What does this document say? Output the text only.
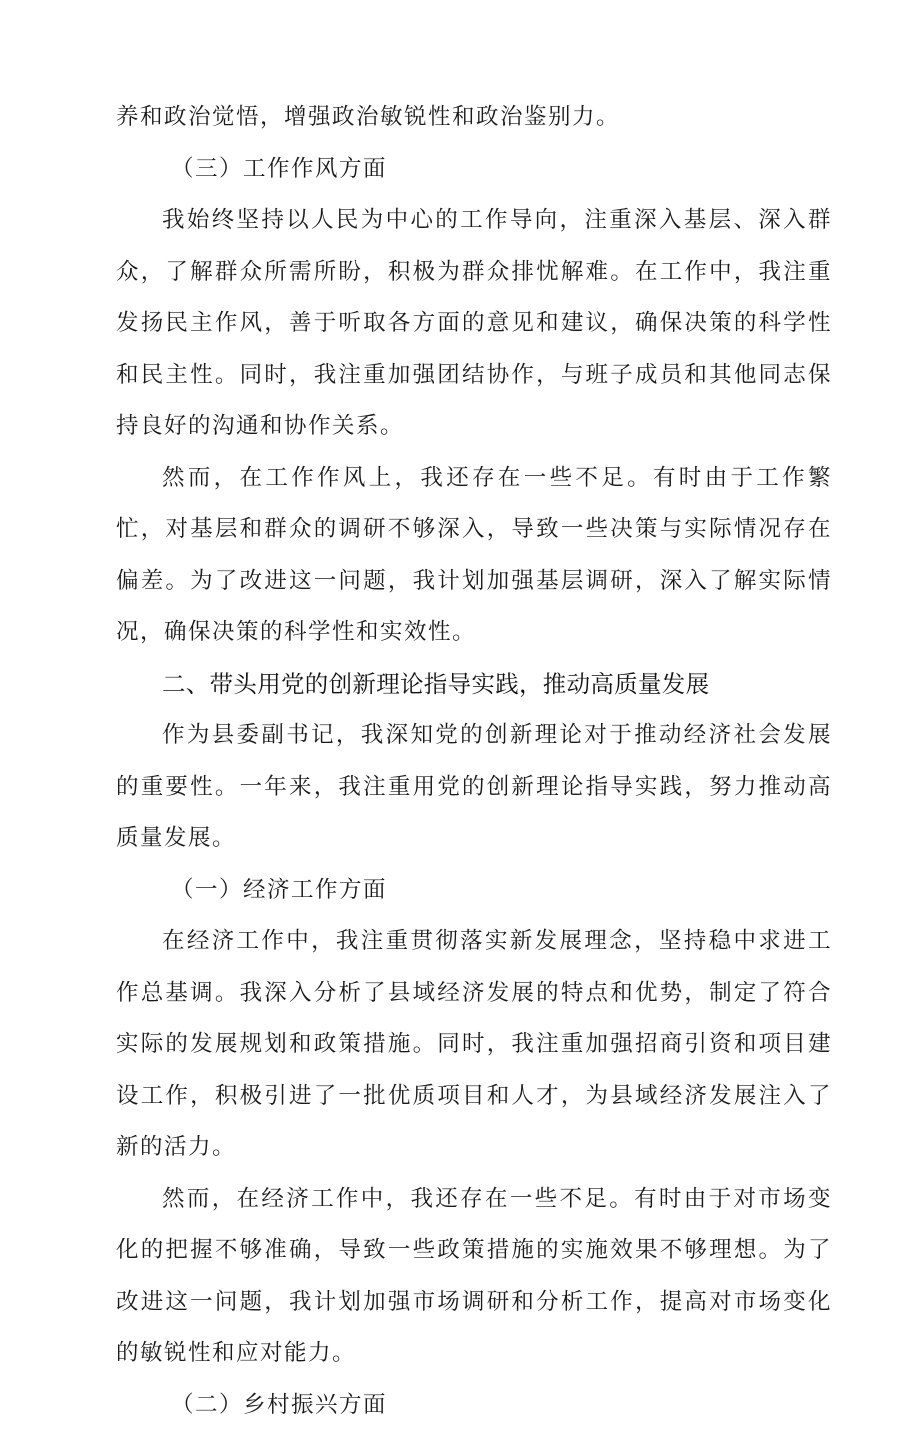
养和政治觉悟，增强政治敏锐性和政治鉴别力。

（三）工作作风方面

我始终坚持以人民为中心的工作导向，注重深入基层、深入群众，了解群众所需所盼，积极为群众排忧解难。在工作中，我注重发扬民主作风，善于听取各方面的意见和建议，确保决策的科学性和民主性。同时，我注重加强团结协作，与班子成员和其他同志保持良好的沟通和协作关系。

然而，在工作作风上，我还存在一些不足。有时由于工作繁忙，对基层和群众的调研不够深入，导致一些决策与实际情况存在偏差。为了改进这一问题，我计划加强基层调研，深入了解实际情况，确保决策的科学性和实效性。

二、带头用党的创新理论指导实践，推动高质量发展

作为县委副书记，我深知党的创新理论对于推动经济社会发展的重要性。一年来，我注重用党的创新理论指导实践，努力推动高质量发展。

（一）经济工作方面

在经济工作中，我注重贯彻落实新发展理念，坚持稳中求进工作总基调。我深入分析了县域经济发展的特点和优势，制定了符合实际的发展规划和政策措施。同时，我注重加强招商引资和项目建设工作，积极引进了一批优质项目和人才，为县域经济发展注入了新的活力。

然而，在经济工作中，我还存在一些不足。有时由于对市场变化的把握不够准确，导致一些政策措施的实施效果不够理想。为了改进这一问题，我计划加强市场调研和分析工作，提高对市场变化的敏锐性和应对能力。

（二）乡村振兴方面
